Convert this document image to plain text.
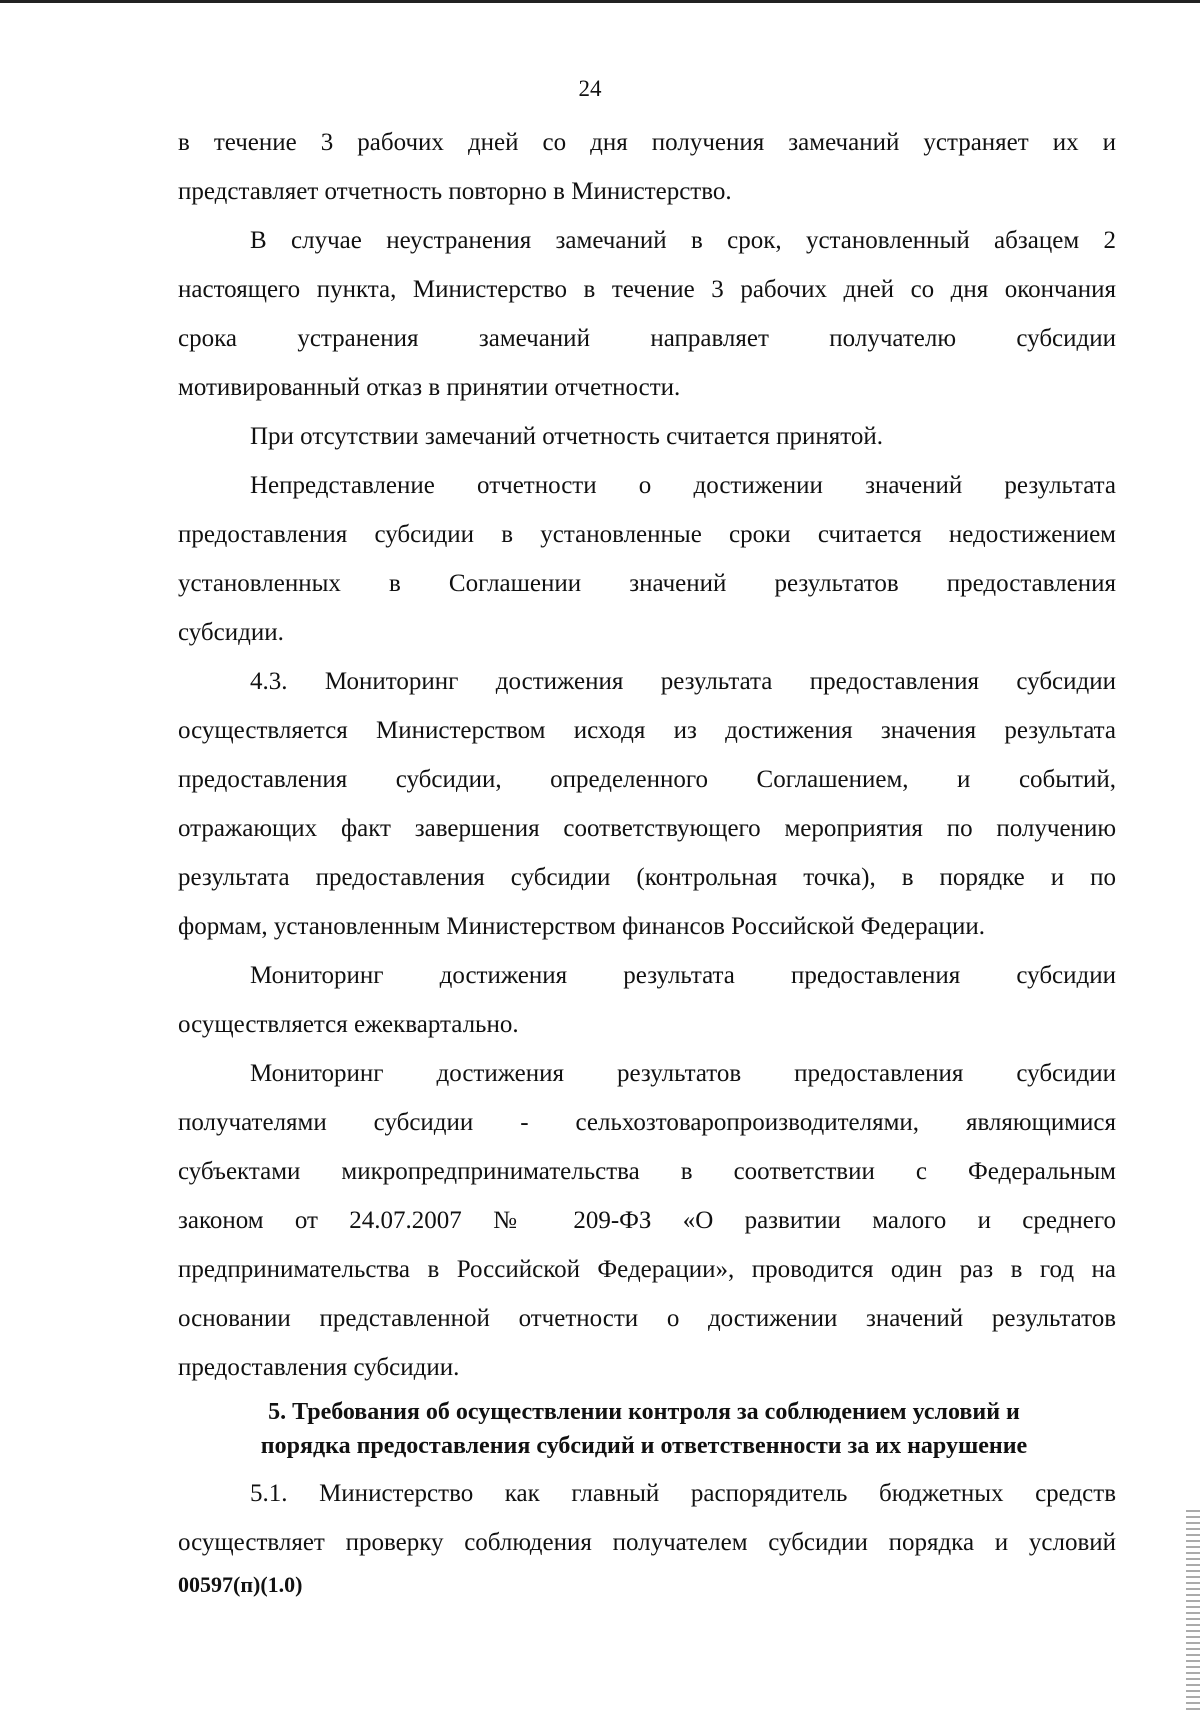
24
в течение 3 рабочих дней со дня получения замечаний устраняет их и
представляет отчетность повторно в Министерство.
В случае неустранения замечаний в срок, установленный абзацем 2
настоящего пункта, Министерство в течение 3 рабочих дней со дня окончания
срока устранения замечаний направляет получателю субсидии
мотивированный отказ в принятии отчетности.
При отсутствии замечаний отчетность считается принятой.
Непредставление отчетности о достижении значений результата
предоставления субсидии в установленные сроки считается недостижением
установленных в Соглашении значений результатов предоставления
субсидии.
4.3. Мониторинг достижения результата предоставления субсидии
осуществляется Министерством исходя из достижения значения результата
предоставления субсидии, определенного Соглашением, и событий,
отражающих факт завершения соответствующего мероприятия по получению
результата предоставления субсидии (контрольная точка), в порядке и по
формам, установленным Министерством финансов Российской Федерации.
Мониторинг достижения результата предоставления субсидии
осуществляется ежеквартально.
Мониторинг достижения результатов предоставления субсидии
получателями субсидии - сельхозтоваропроизводителями, являющимися
субъектами микропредпринимательства в соответствии с Федеральным
законом от 24.07.2007 № 209-ФЗ «О развитии малого и среднего
предпринимательства в Российской Федерации», проводится один раз в год на
основании представленной отчетности о достижении значений результатов
предоставления субсидии.
5. Требования об осуществлении контроля за соблюдением условий и
порядка предоставления субсидий и ответственности за их нарушение
5.1. Министерство как главный распорядитель бюджетных средств
осуществляет проверку соблюдения получателем субсидии порядка и условий
00597(п)(1.0)
